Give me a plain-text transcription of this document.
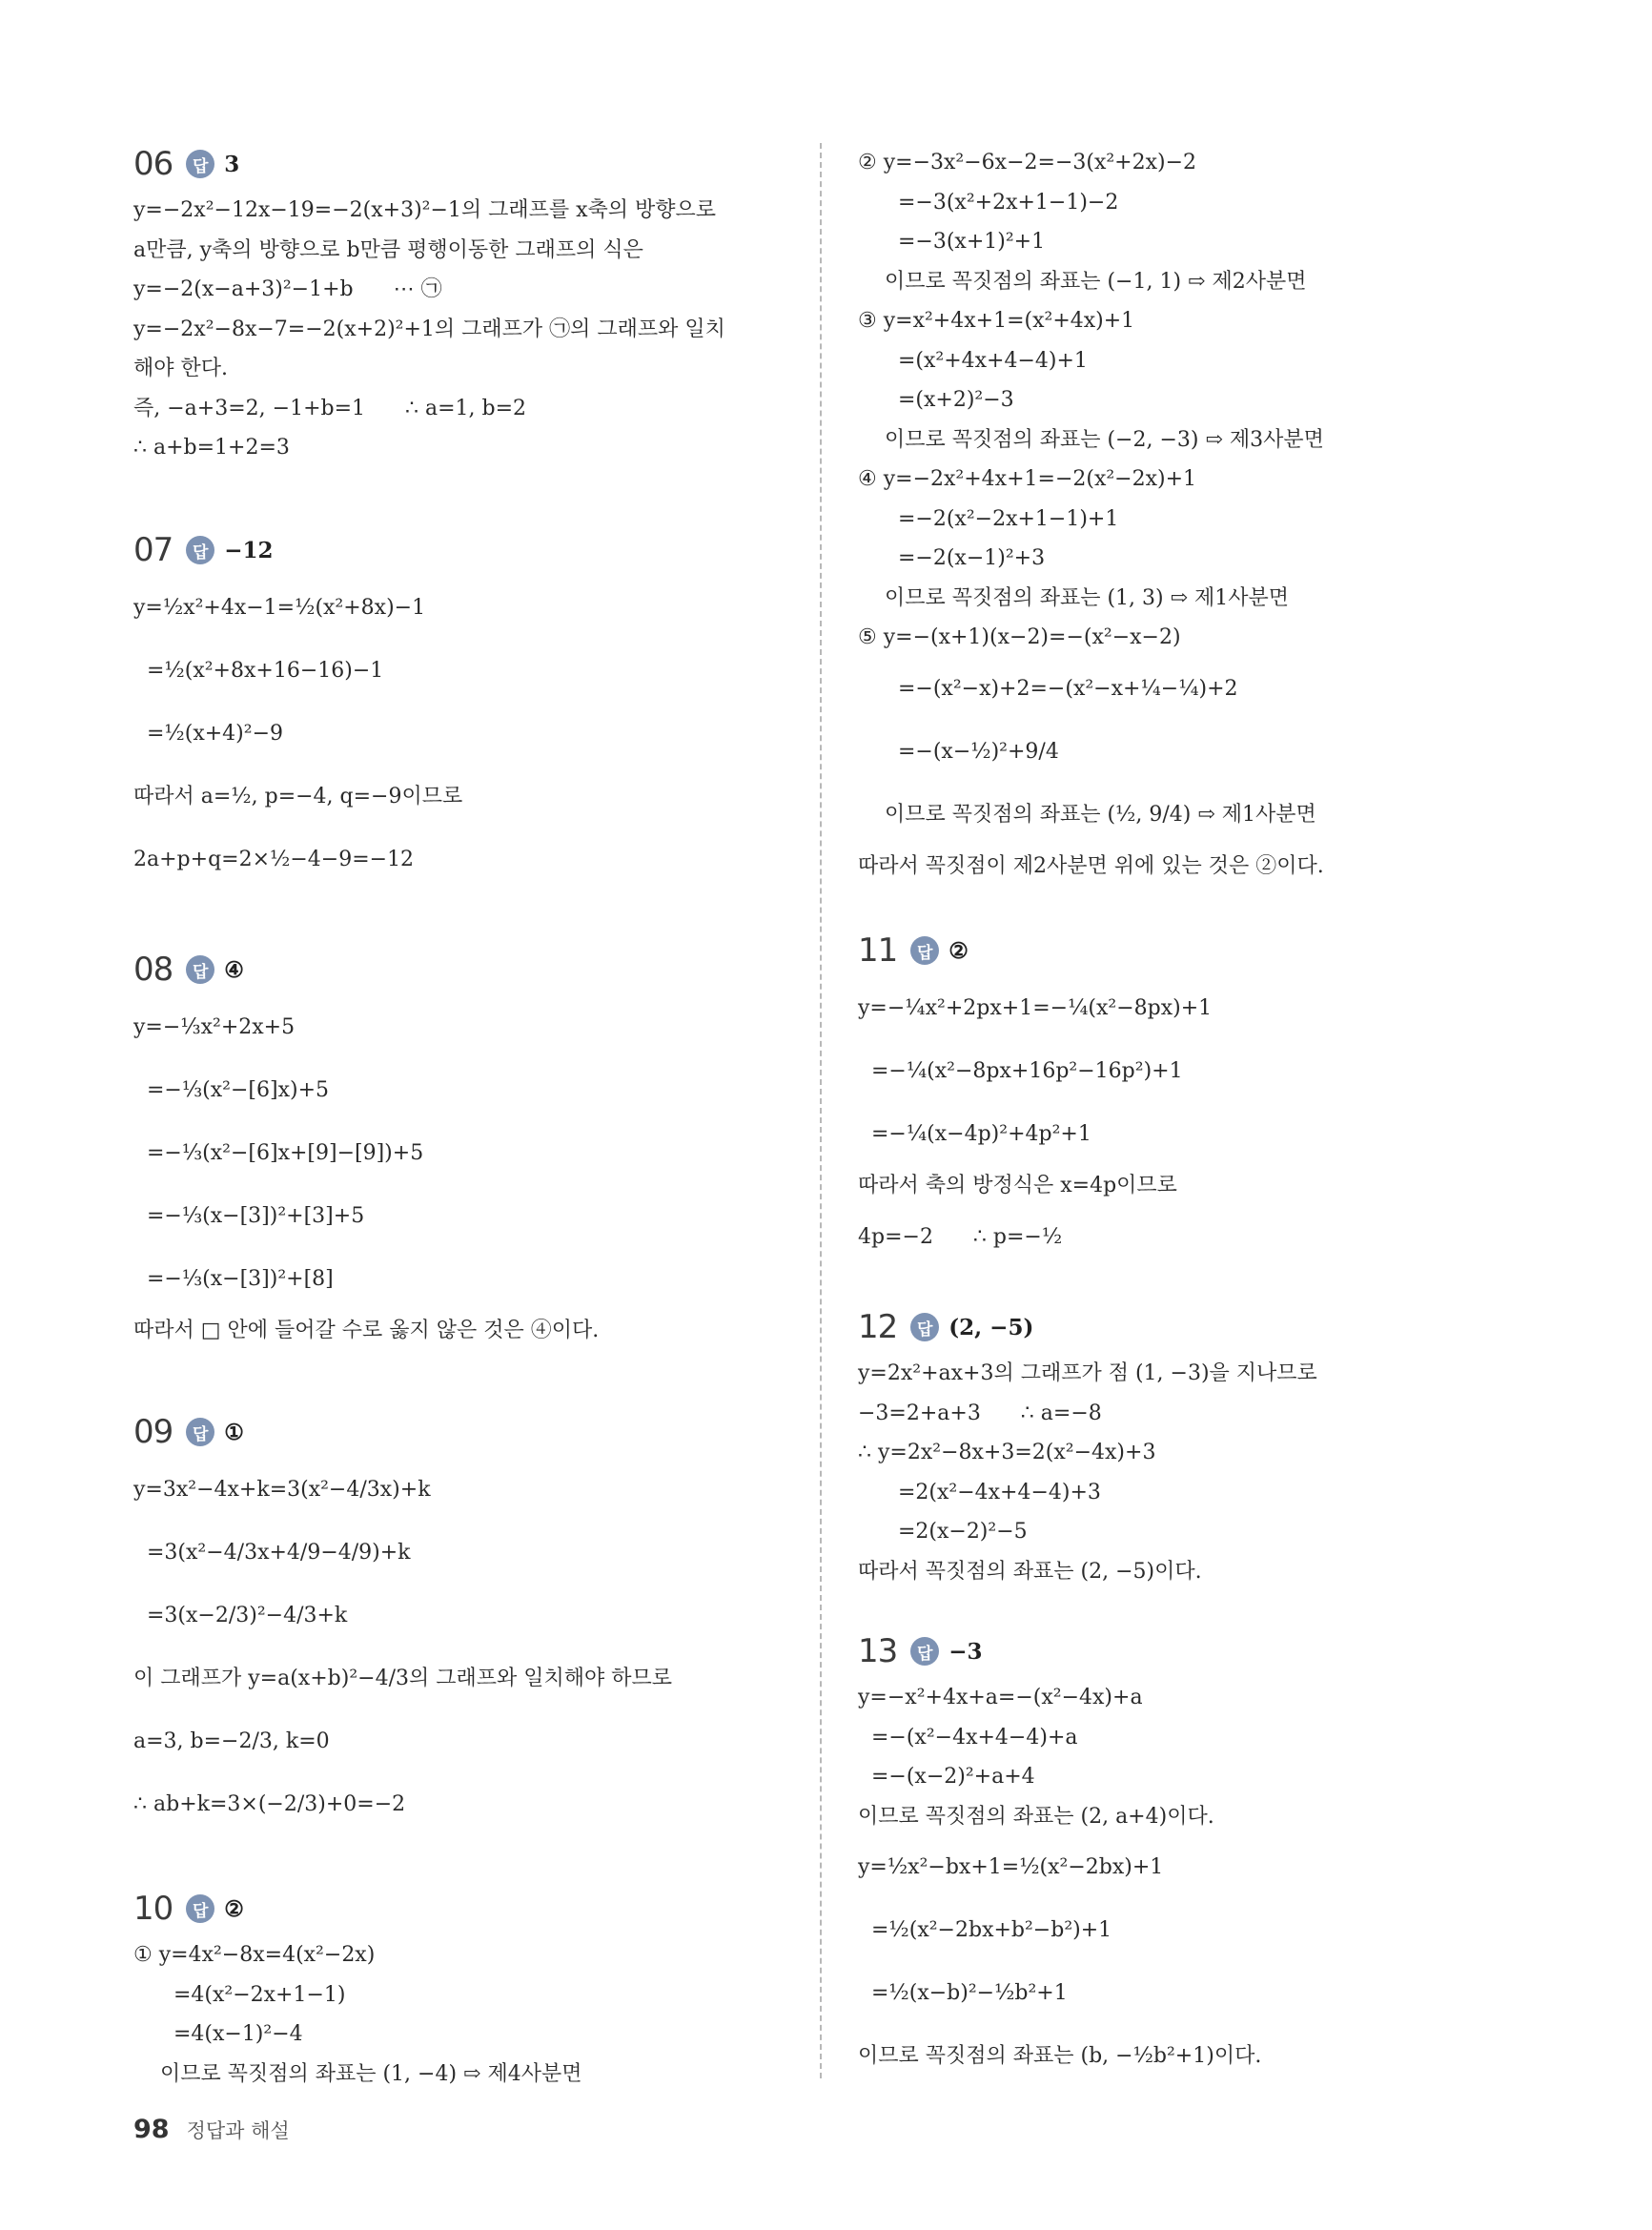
06	답 3
y=−2x²−12x−19=−2(x+3)²−1의 그래프를 x축의 방향으로
a만큼, y축의 방향으로 b만큼 평행이동한 그래프의 식은
y=−2(x−a+3)²−1+b      ⋯ ㉠
y=−2x²−8x−7=−2(x+2)²+1의 그래프가 ㉠의 그래프와 일치
해야 한다.
즉, −a+3=2, −1+b=1      ∴ a=1, b=2
∴ a+b=1+2=3
07	답 −12
y=½x²+4x−1=½(x²+8x)−1
=½(x²+8x+16−16)−1
=½(x+4)²−9
따라서 a=½, p=−4, q=−9이므로
2a+p+q=2×½−4−9=−12
08	답 ④
y=−⅓x²+2x+5
=−⅓(x²−[6]x)+5
=−⅓(x²−[6]x+[9]−[9])+5
=−⅓(x−[3])²+[3]+5
=−⅓(x−[3])²+[8]
따라서 □ 안에 들어갈 수로 옳지 않은 것은 ④이다.
09	답 ①
y=3x²−4x+k=3(x²−4/3x)+k
=3(x²−4/3x+4/9−4/9)+k
=3(x−2/3)²−4/3+k
이 그래프가 y=a(x+b)²−4/3의 그래프와 일치해야 하므로
a=3, b=−2/3, k=0
∴ ab+k=3×(−2/3)+0=−2
10	답 ②
① y=4x²−8x=4(x²−2x)
=4(x²−2x+1−1)
=4(x−1)²−4
이므로 꼭짓점의 좌표는 (1, −4) ⇨ 제4사분면
② y=−3x²−6x−2=−3(x²+2x)−2
=−3(x²+2x+1−1)−2
=−3(x+1)²+1
이므로 꼭짓점의 좌표는 (−1, 1) ⇨ 제2사분면
③ y=x²+4x+1=(x²+4x)+1
=(x²+4x+4−4)+1
=(x+2)²−3
이므로 꼭짓점의 좌표는 (−2, −3) ⇨ 제3사분면
④ y=−2x²+4x+1=−2(x²−2x)+1
=−2(x²−2x+1−1)+1
=−2(x−1)²+3
이므로 꼭짓점의 좌표는 (1, 3) ⇨ 제1사분면
⑤ y=−(x+1)(x−2)=−(x²−x−2)
=−(x²−x)+2=−(x²−x+¼−¼)+2
=−(x−½)²+9/4
이므로 꼭짓점의 좌표는 (½, 9/4) ⇨ 제1사분면
따라서 꼭짓점이 제2사분면 위에 있는 것은 ②이다.
11	답 ②
y=−¼x²+2px+1=−¼(x²−8px)+1
=−¼(x²−8px+16p²−16p²)+1
=−¼(x−4p)²+4p²+1
따라서 축의 방정식은 x=4p이므로
4p=−2      ∴ p=−½
12	답 (2, −5)
y=2x²+ax+3의 그래프가 점 (1, −3)을 지나므로
−3=2+a+3      ∴ a=−8
∴ y=2x²−8x+3=2(x²−4x)+3
=2(x²−4x+4−4)+3
=2(x−2)²−5
따라서 꼭짓점의 좌표는 (2, −5)이다.
13	답 −3
y=−x²+4x+a=−(x²−4x)+a
=−(x²−4x+4−4)+a
=−(x−2)²+a+4
이므로 꼭짓점의 좌표는 (2, a+4)이다.
y=½x²−bx+1=½(x²−2bx)+1
=½(x²−2bx+b²−b²)+1
=½(x−b)²−½b²+1
이므로 꼭짓점의 좌표는 (b, −½b²+1)이다.
98 정답과 해설
